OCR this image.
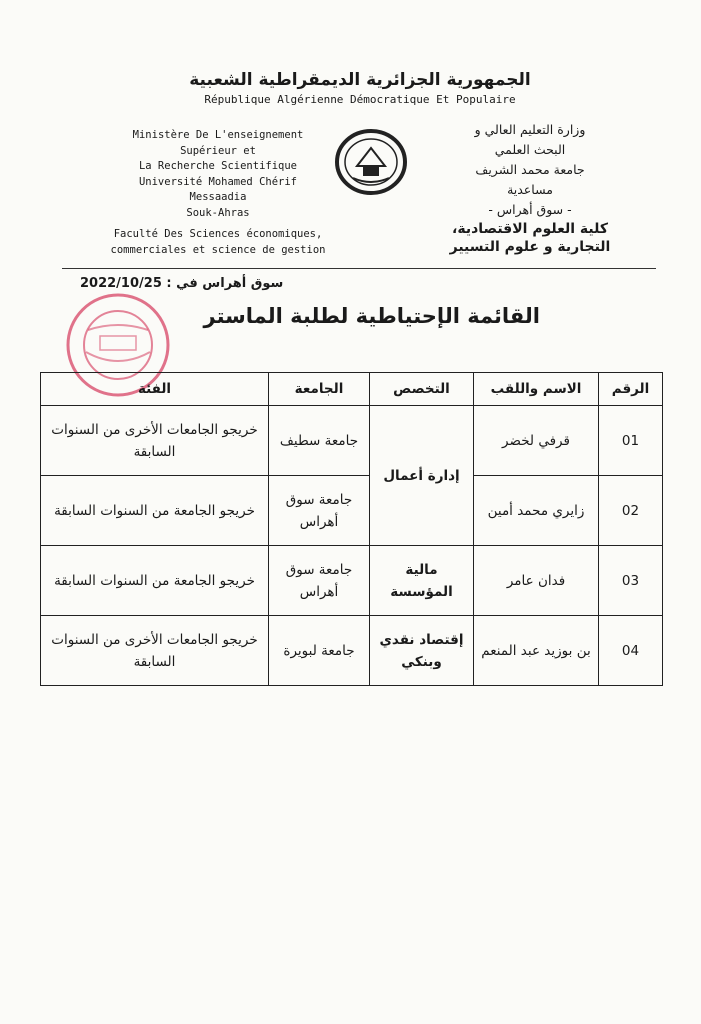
الجمهورية الجزائرية الديمقراطية الشعبية
République Algérienne Démocratique Et Populaire
Ministère De L'enseignement
Supérieur et
La Recherche Scientifique
Université Mohamed Chérif
Messaadia
Souk-Ahras
Faculté Des Sciences économiques,
commerciales et science de gestion
وزارة التعليم العالي و
البحث العلمي
جامعة محمد الشريف
مساعدية
- سوق أهراس -
كلية العلوم الاقتصادية،
التجارية و علوم التسيير
سوق أهراس في : 2022/10/25
القائمة الإحتياطية لطلبة الماستر
الرقم	الاسم واللقب	التخصص	الجامعة	الفئة
01	قرفي لخضر	إدارة أعمال	جامعة سطيف	خريجو الجامعات الأخرى من السنوات السابقة
02	زايري محمد أمين		جامعة سوق أهراس	خريجو الجامعة من السنوات السابقة
03	فدان عامر	مالية المؤسسة	جامعة سوق أهراس	خريجو الجامعة من السنوات السابقة
04	بن بوزيد عبد المنعم	إقتصاد نقدي وبنكي	جامعة لبويرة	خريجو الجامعات الأخرى من السنوات السابقة
